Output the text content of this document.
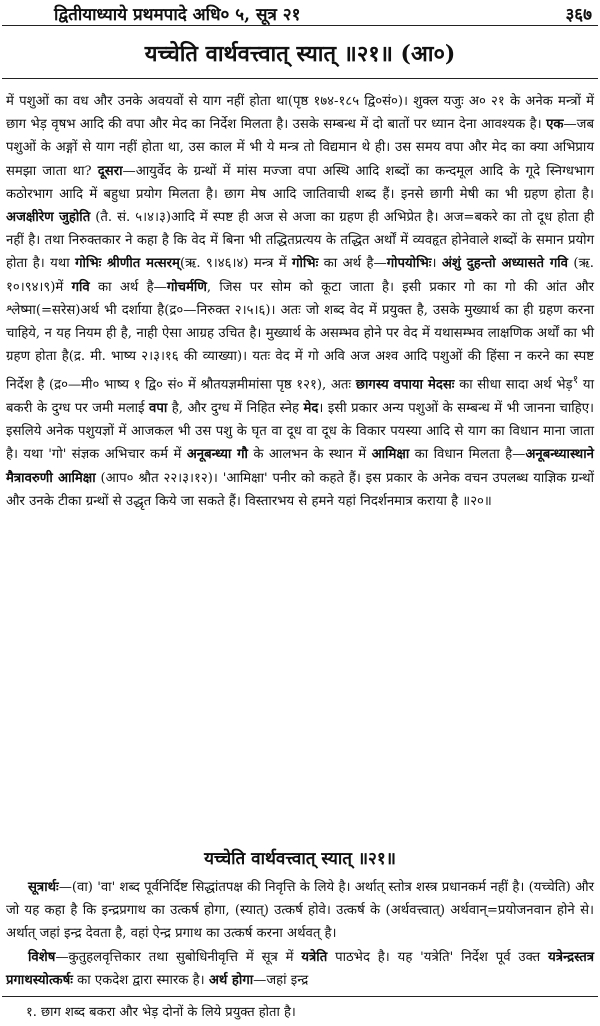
द्वितीयाध्याये प्रथमपादे अधि० ५, सूत्र २१	३६७
यच्चेति वार्थवत्त्वात् स्यात् ॥२१॥ (आ०)

में पशुओं का वध और उनके अवयवों से याग नहीं होता था(पृष्ठ १७४-१८५ द्वि०सं०)। शुक्ल यजुः अ० २१ के अनेक मन्त्रों में छाग भेड़ वृषभ आदि की वपा और मेद का निर्देश मिलता है। उसके सम्बन्ध में दो बातों पर ध्यान देना आवश्यक है। एक—जब पशुओं के अङ्गों से याग नहीं होता था, उस काल में भी ये मन्त्र तो विद्यमान थे ही। उस समय वपा और मेद का क्या अभिप्राय समझा जाता था? दूसरा—आयुर्वेद के ग्रन्थों में मांस मज्जा वपा अस्थि आदि शब्दों का कन्दमूल आदि के गूदे स्निग्धभाग कठोरभाग आदि में बहुधा प्रयोग मिलता है। छाग मेष आदि जातिवाची शब्द हैं। इनसे छागी मेषी का भी ग्रहण होता है। अजक्षीरेण जुहोति (तै. सं. ५।४।३)आदि में स्पष्ट ही अज से अजा का ग्रहण ही अभिप्रेत है। अज=बकरे का तो दूध होता ही नहीं है। तथा निरुक्तकार ने कहा है कि वेद में बिना भी तद्धितप्रत्यय के तद्धित अर्थों में व्यवहृत होनेवाले शब्दों के समान प्रयोग होता है। यथा गोभिः श्रीणीत मत्सरम्(ऋ. ९।४६।४) मन्त्र में गोभिः का अर्थ है—गोपयोभिः। अंशुं दुहन्तो अध्यासते गवि (ऋ. १०।९४।९)में गवि का अर्थ है—गोचर्मणि, जिस पर सोम को कूटा जाता है। इसी प्रकार गो का गो की आंत और श्लेष्मा(=सरेस)अर्थ भी दर्शाया है(द्र०—निरुक्त २।५।६)। अतः जो शब्द वेद में प्रयुक्त है, उसके मुख्यार्थ का ही ग्रहण करना चाहिये, न यह नियम ही है, नाही ऐसा आग्रह उचित है। मुख्यार्थ के असम्भव होने पर वेद में यथासम्भव लाक्षणिक अर्थों का भी ग्रहण होता है(द्र. मी. भाष्य २।३।१६ की व्याख्या)। यतः वेद में गो अवि अज अश्व आदि पशुओं की हिंसा न करने का स्पष्ट निर्देश है (द्र०—मी० भाष्य १ द्वि० सं० में श्रौतयज्ञमीमांसा पृष्ठ १२१), अतः छागस्य वपाया मेदसः का सीधा सादा अर्थ भेड़$^१$ या बकरी के दुग्ध पर जमी मलाई वपा है, और दुग्ध में निहित स्नेह मेद। इसी प्रकार अन्य पशुओं के सम्बन्ध में भी जानना चाहिए। इसलिये अनेक पशुयज्ञों में आजकल भी उस पशु के घृत वा दूध वा दूध के विकार पयस्या आदि से याग का विधान माना जाता है। यथा 'गो' संज्ञक अभिचार कर्म में अनूबन्ध्या गौ के आलभन के स्थान में आमिक्षा का विधान मिलता है—अनूबन्ध्यास्थाने मैत्रावरुणी आमिक्षा (आप० श्रौत २२।३।१२)। 'आमिक्षा' पनीर को कहते हैं। इस प्रकार के अनेक वचन उपलब्ध याज्ञिक ग्रन्थों और उनके टीका ग्रन्थों से उद्धृत किये जा सकते हैं। विस्तारभय से हमने यहां निदर्शनमात्र कराया है ॥२०॥

यच्चेति वार्थवत्त्वात् स्यात् ॥२१॥

सूत्रार्थः—(वा) 'वा' शब्द पूर्वनिर्दिष्ट सिद्धांतपक्ष की निवृत्ति के लिये है। अर्थात् स्तोत्र शस्त्र प्रधानकर्म नहीं है। (यच्चेति) और जो यह कहा है कि इन्द्रप्रगाथ का उत्कर्ष होगा, (स्यात्) उत्कर्ष होवे। उत्कर्ष के (अर्थवत्त्वात्) अर्थवान्=प्रयोजनवान होने से। अर्थात् जहां इन्द्र देवता है, वहां ऐन्द्र प्रगाथ का उत्कर्ष करना अर्थवत् है।

विशेष—कुतुहलवृत्तिकार तथा सुबोधिनीवृत्ति में सूत्र में यत्रेति पाठभेद है। यह 'यत्रेति' निर्देश पूर्व उक्त यत्रेन्द्रस्तत्र प्रगाथस्योत्कर्षः का एकदेश द्वारा स्मारक है। अर्थ होगा—जहां इन्द्र

१. छाग शब्द बकरा और भेड़ दोनों के लिये प्रयुक्त होता है।
